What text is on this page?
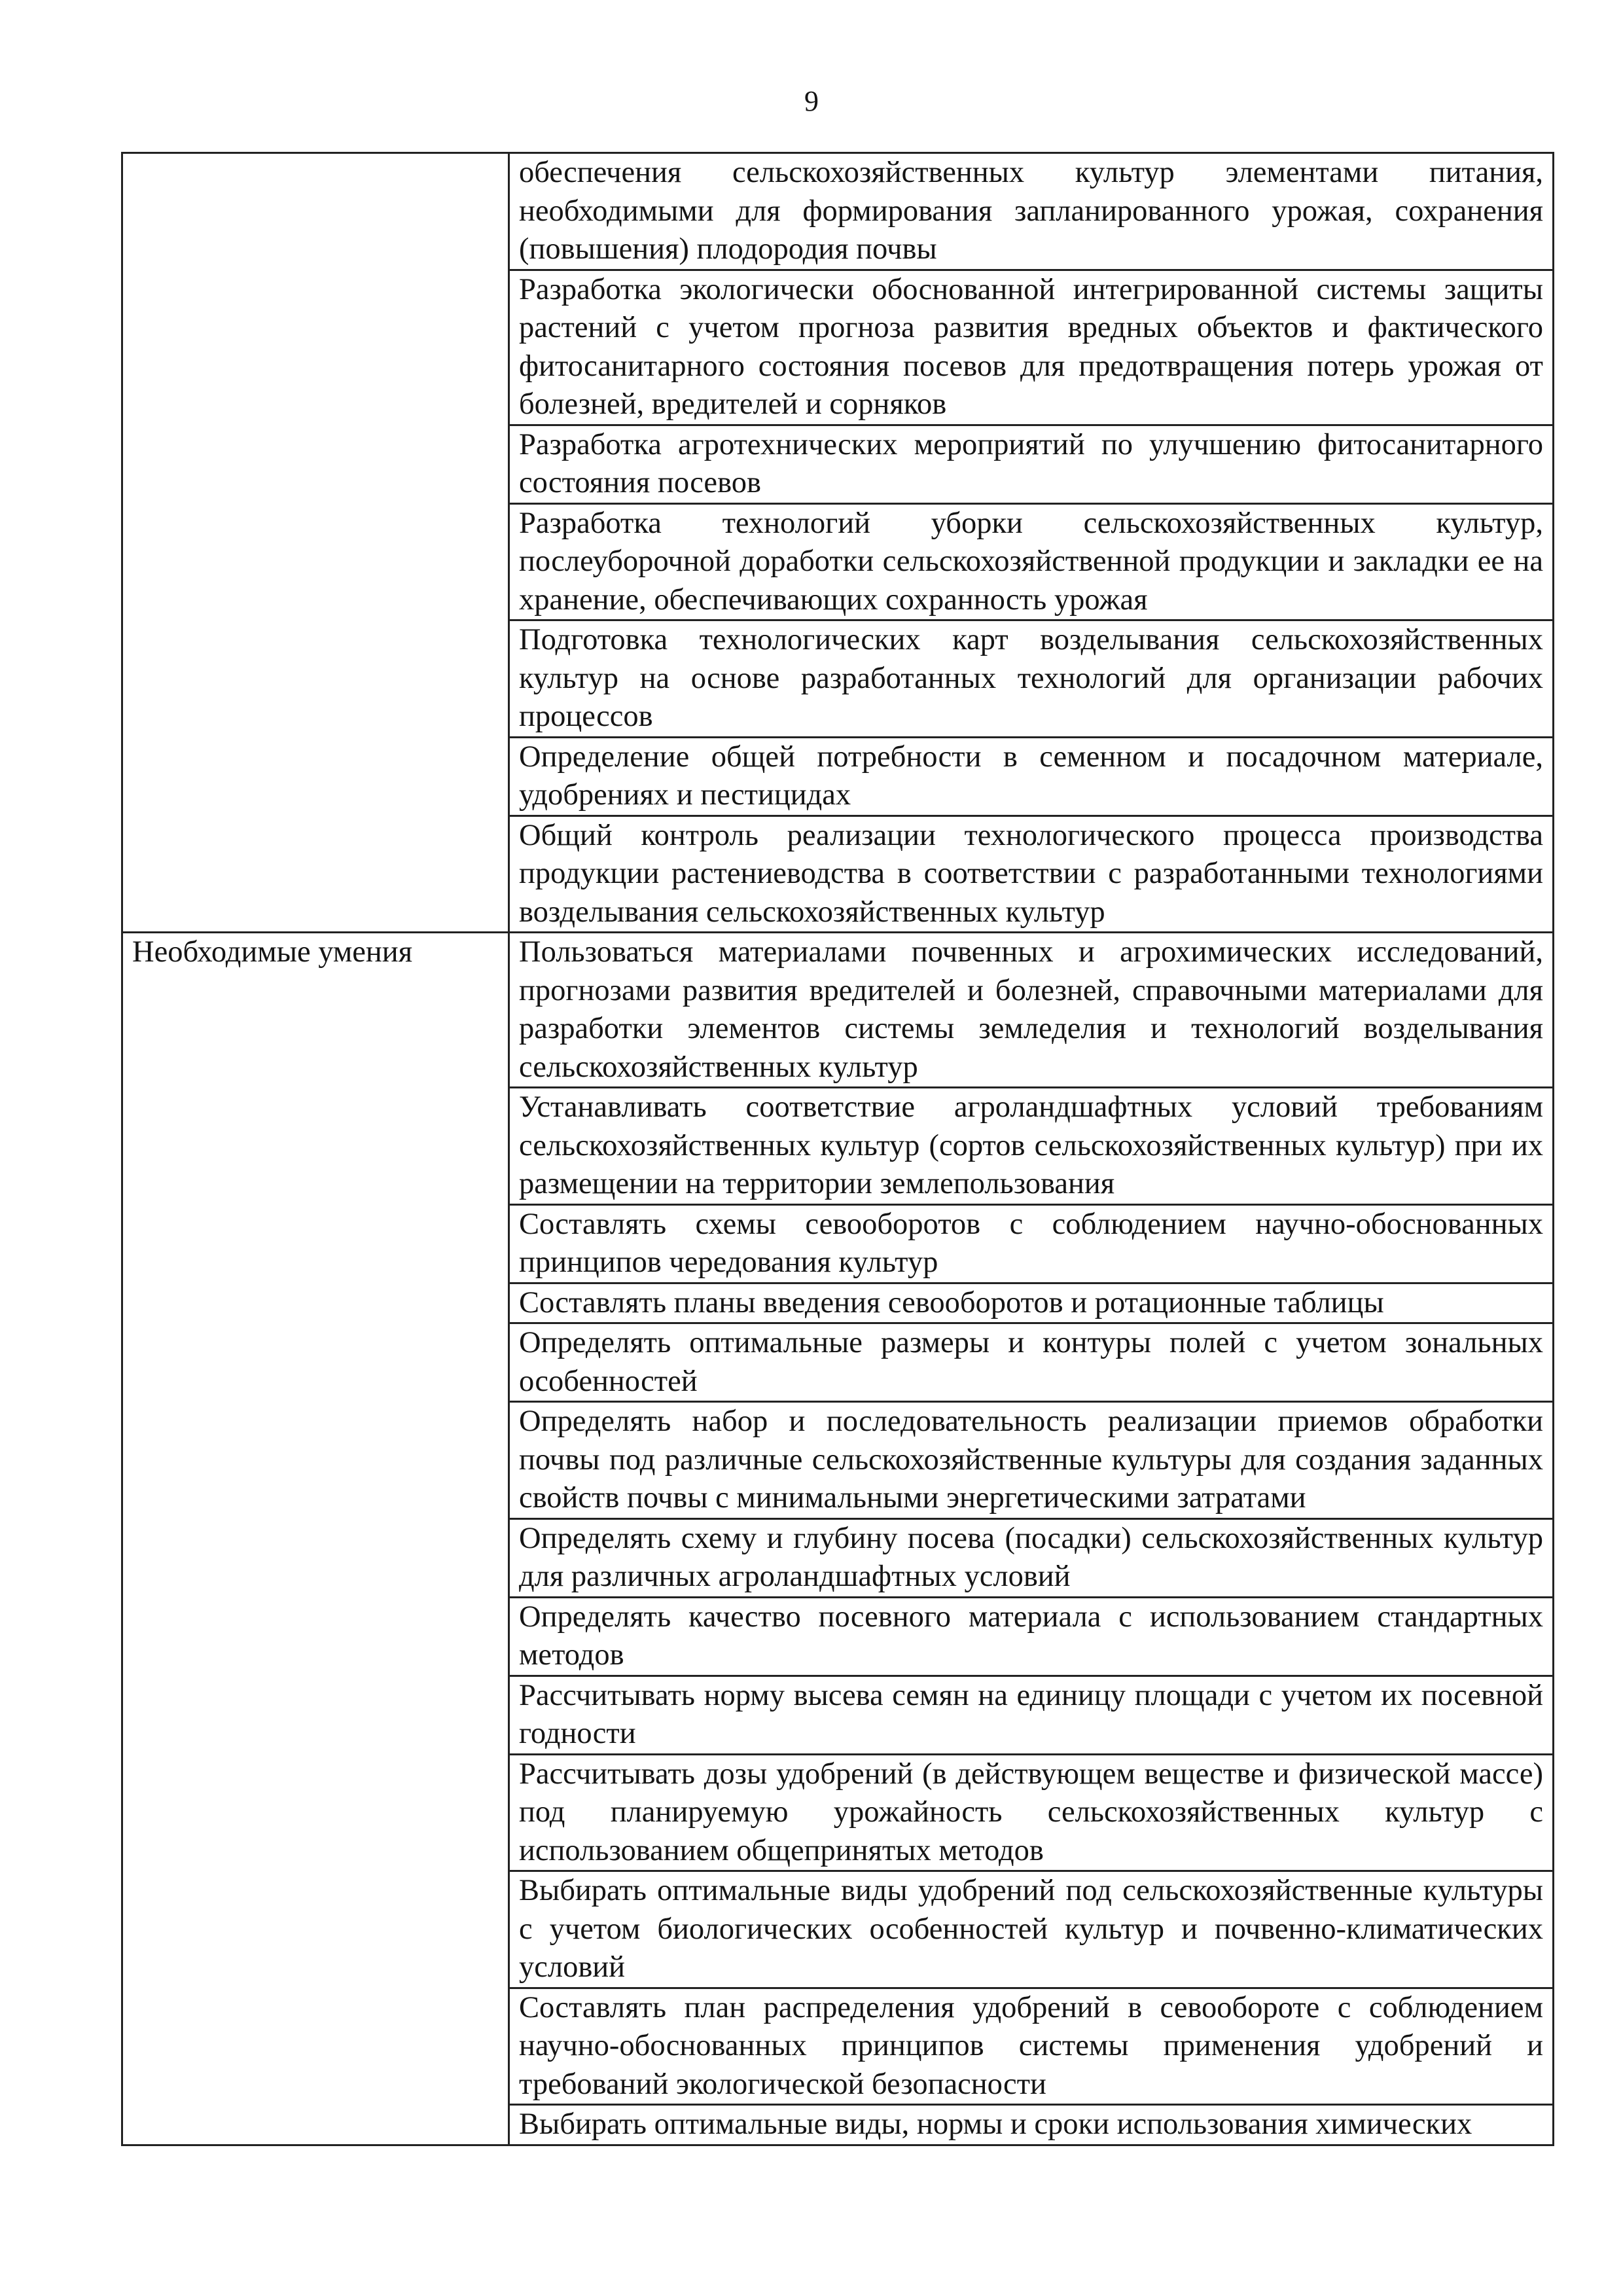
9
	обеспечения сельскохозяйственных культур элементами питания, необходимыми для формирования запланированного урожая, сохранения (повышения) плодородия почвы
	Разработка экологически обоснованной интегрированной системы защиты растений с учетом прогноза развития вредных объектов и фактического фитосанитарного состояния посевов для предотвращения потерь урожая от болезней, вредителей и сорняков
	Разработка агротехнических мероприятий по улучшению фитосанитарного состояния посевов
	Разработка технологий уборки сельскохозяйственных культур, послеуборочной доработки сельскохозяйственной продукции и закладки ее на хранение, обеспечивающих сохранность урожая
	Подготовка технологических карт возделывания сельскохозяйственных культур на основе разработанных технологий для организации рабочих процессов
	Определение общей потребности в семенном и посадочном материале, удобрениях и пестицидах
	Общий контроль реализации технологического процесса производства продукции растениеводства в соответствии с разработанными технологиями возделывания сельскохозяйственных культур
Необходимые умения	Пользоваться материалами почвенных и агрохимических исследований, прогнозами развития вредителей и болезней, справочными материалами для разработки элементов системы земледелия и технологий возделывания сельскохозяйственных культур
	Устанавливать соответствие агроландшафтных условий требованиям сельскохозяйственных культур (сортов сельскохозяйственных культур) при их размещении на территории землепользования
	Составлять схемы севооборотов с соблюдением научно-обоснованных принципов чередования культур
	Составлять планы введения севооборотов и ротационные таблицы
	Определять оптимальные размеры и контуры полей с учетом зональных особенностей
	Определять набор и последовательность реализации приемов обработки почвы под различные сельскохозяйственные культуры для создания заданных свойств почвы с минимальными энергетическими затратами
	Определять схему и глубину посева (посадки) сельскохозяйственных культур для различных агроландшафтных условий
	Определять качество посевного материала с использованием стандартных методов
	Рассчитывать норму высева семян на единицу площади с учетом их посевной годности
	Рассчитывать дозы удобрений (в действующем веществе и физической массе) под планируемую урожайность сельскохозяйственных культур с использованием общепринятых методов
	Выбирать оптимальные виды удобрений под сельскохозяйственные культуры с учетом биологических особенностей культур и почвенно-климатических условий
	Составлять план распределения удобрений в севообороте с соблюдением научно-обоснованных принципов системы применения удобрений и требований экологической безопасности
	Выбирать оптимальные виды, нормы и сроки использования химических
